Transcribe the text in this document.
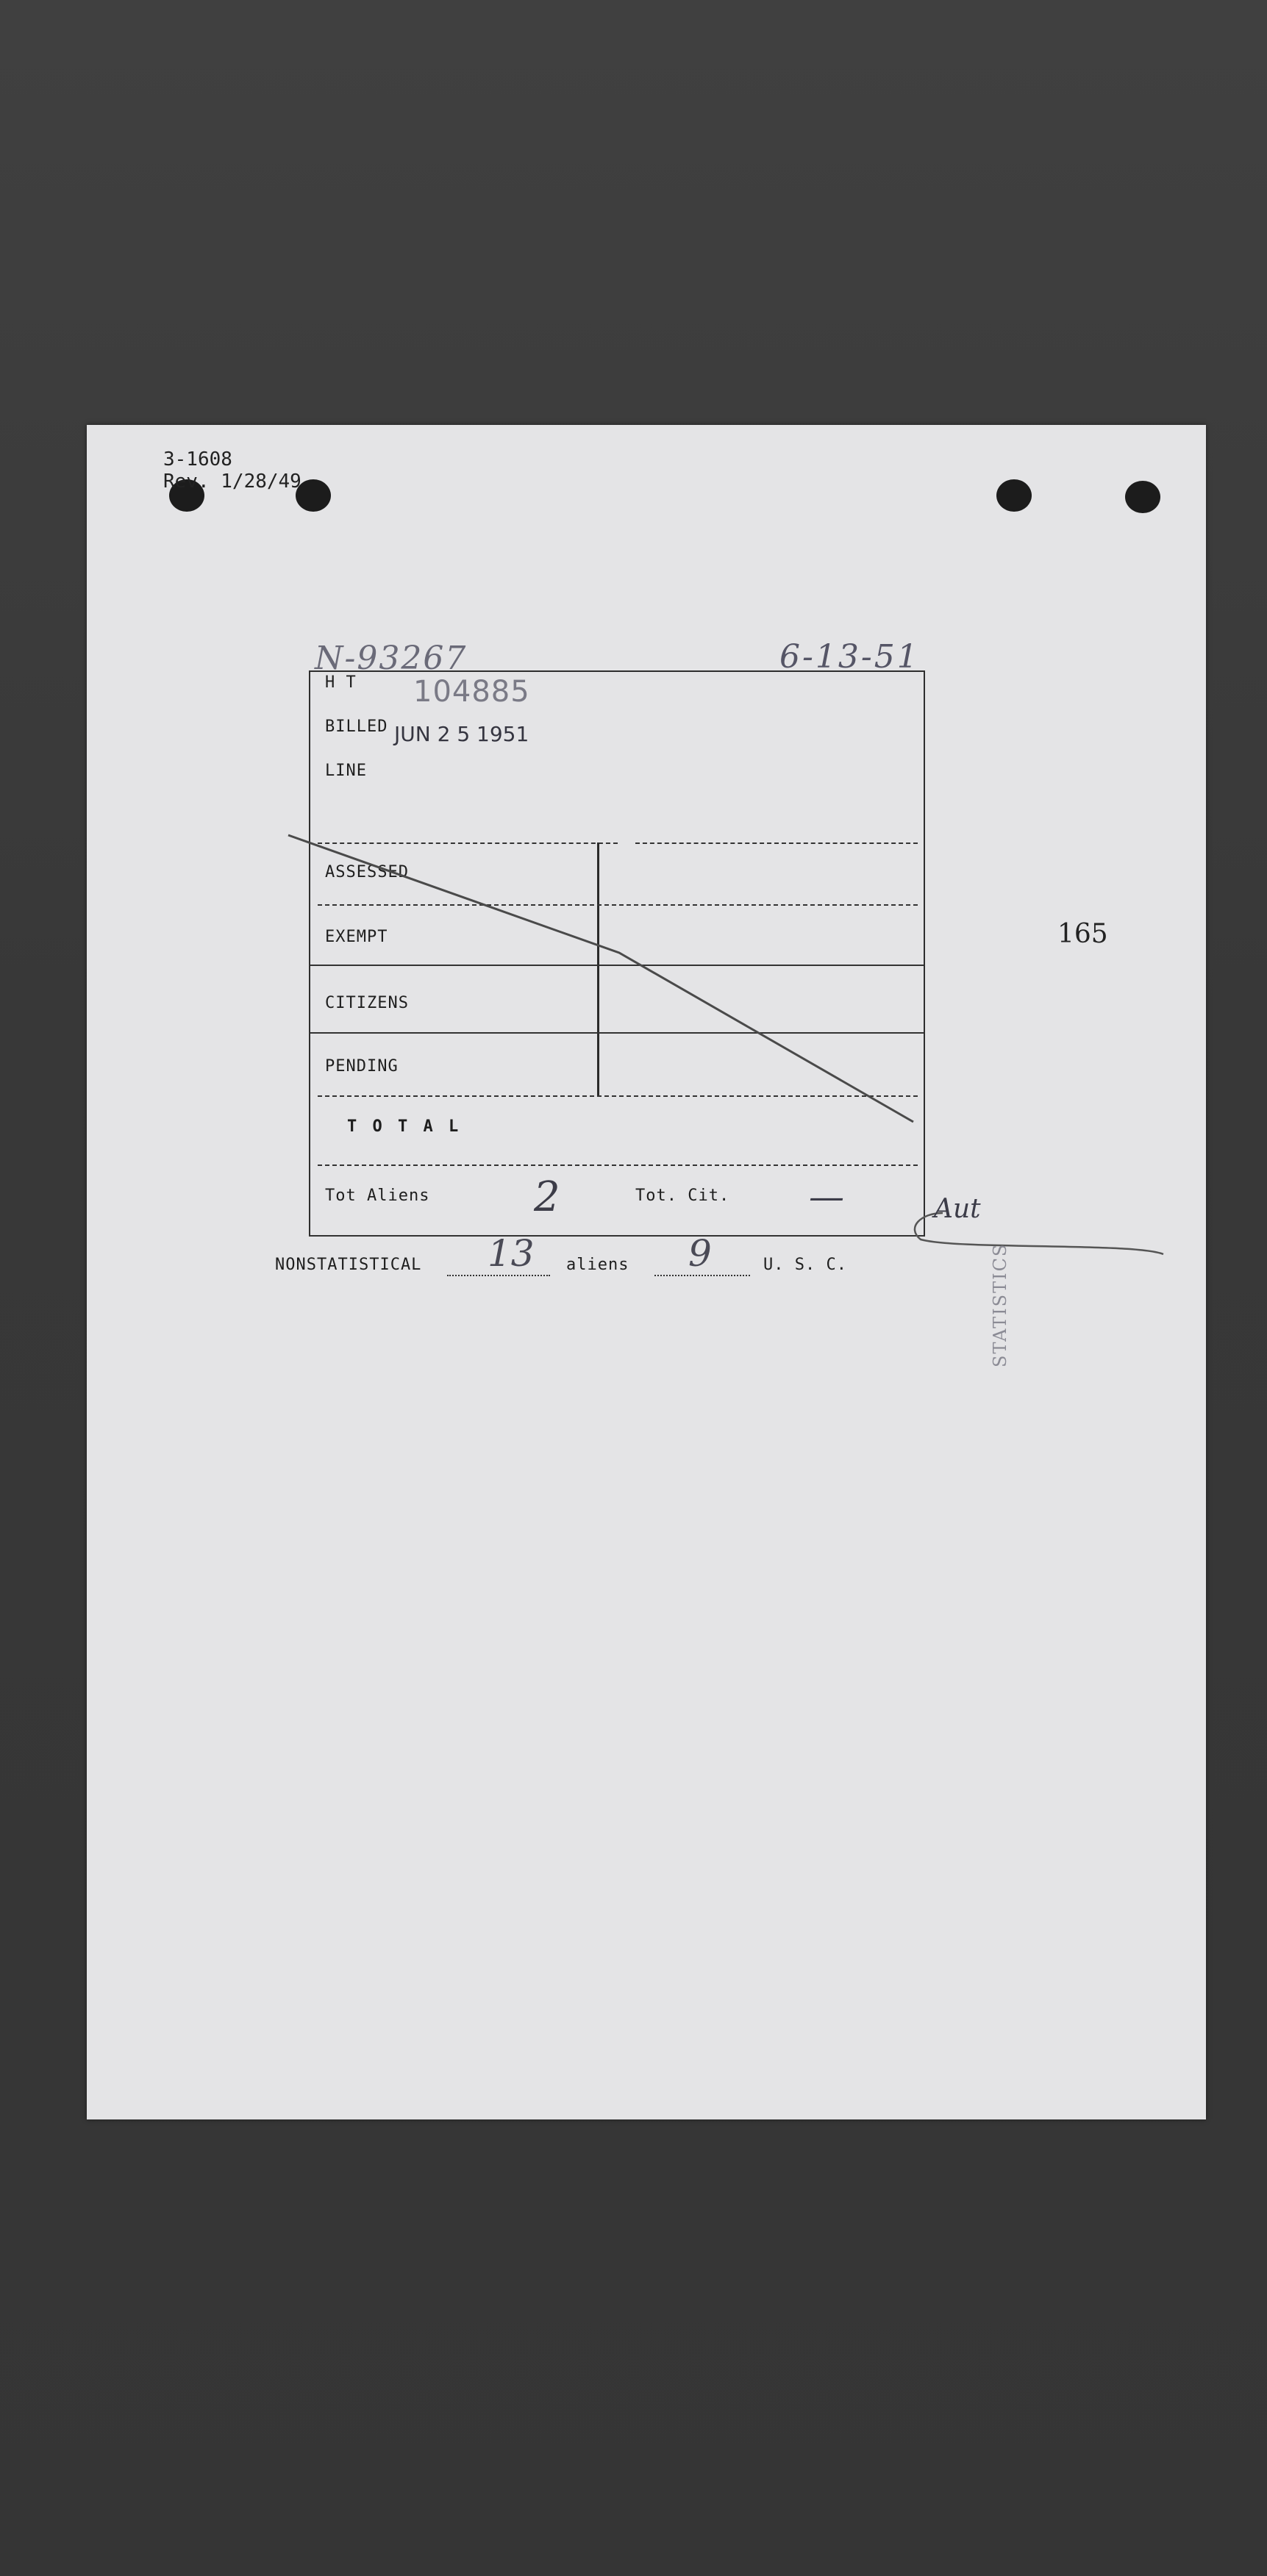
3-1608
Rev. 1/28/49
N-93267	6-13-51
H T 104885
BILLED JUN 2 5 1951
LINE
ASSESSED
EXEMPT
CITIZENS
PENDING
T O T A L
Tot Aliens	2	Tot. Cit. —
NONSTATISTICAL 13 aliens 9	U. S. C.
Aut
165
STATISTICS
